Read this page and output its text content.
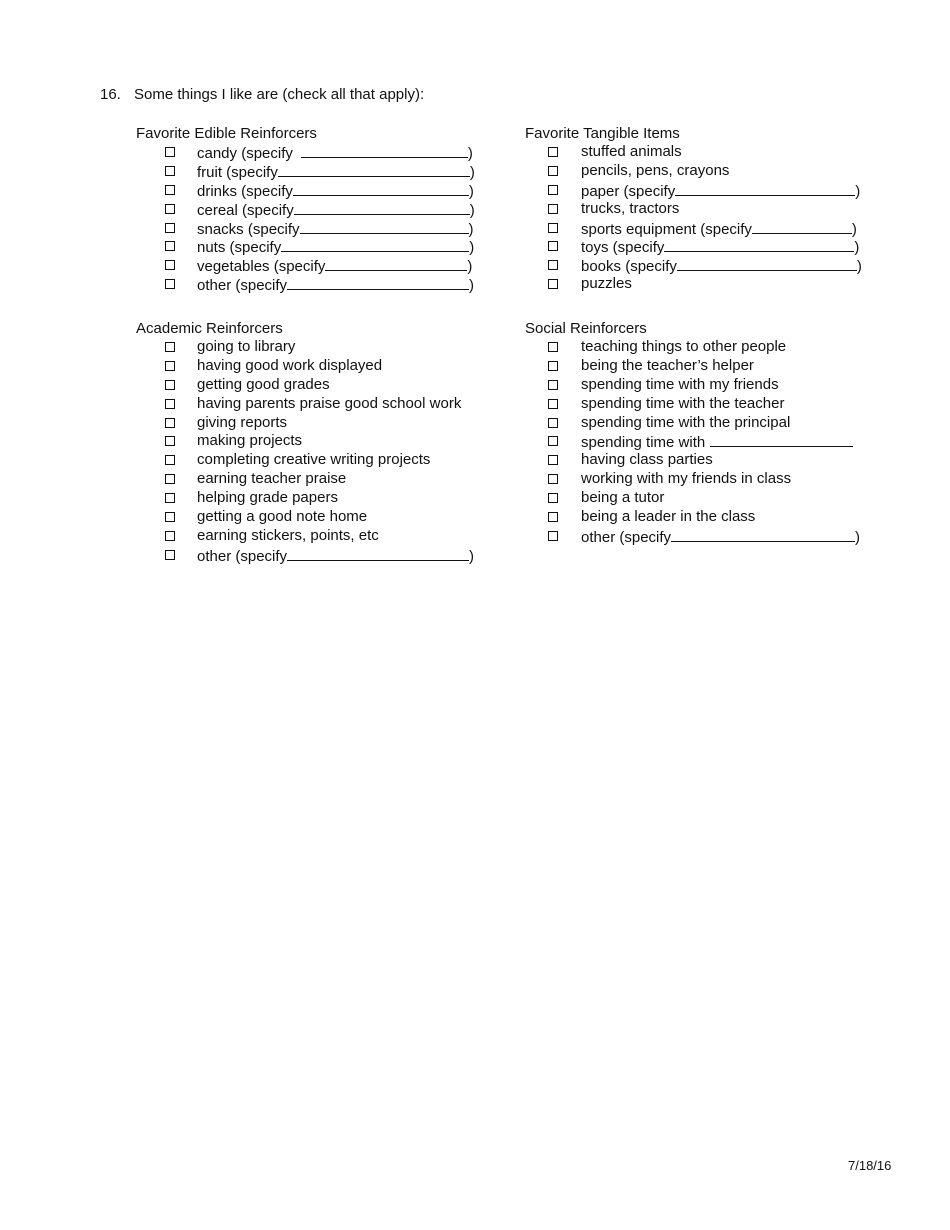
16. Some things I like are (check all that apply):
Favorite Edible Reinforcers
candy (specify	)
fruit (specify	)
drinks (specify	)
cereal (specify	)
snacks (specify	)
nuts (specify	)
vegetables (specify	)
other (specify	)
Favorite Tangible Items
stuffed animals
pencils, pens, crayons
paper (specify	)
trucks, tractors
sports equipment (specify	)
toys (specify	)
books (specify	)
puzzles
Academic Reinforcers
going to library
having good work displayed
getting good grades
having parents praise good school work
giving reports
making projects
completing creative writing projects
earning teacher praise
helping grade papers
getting a good note home
earning stickers, points, etc
other (specify	)
Social Reinforcers
teaching things to other people
being the teacher’s helper
spending time with my friends
spending time with the teacher
spending time with the principal
spending time with
having class parties
working with my friends in class
being a tutor
being a leader in the class
other (specify	)
7/18/16
